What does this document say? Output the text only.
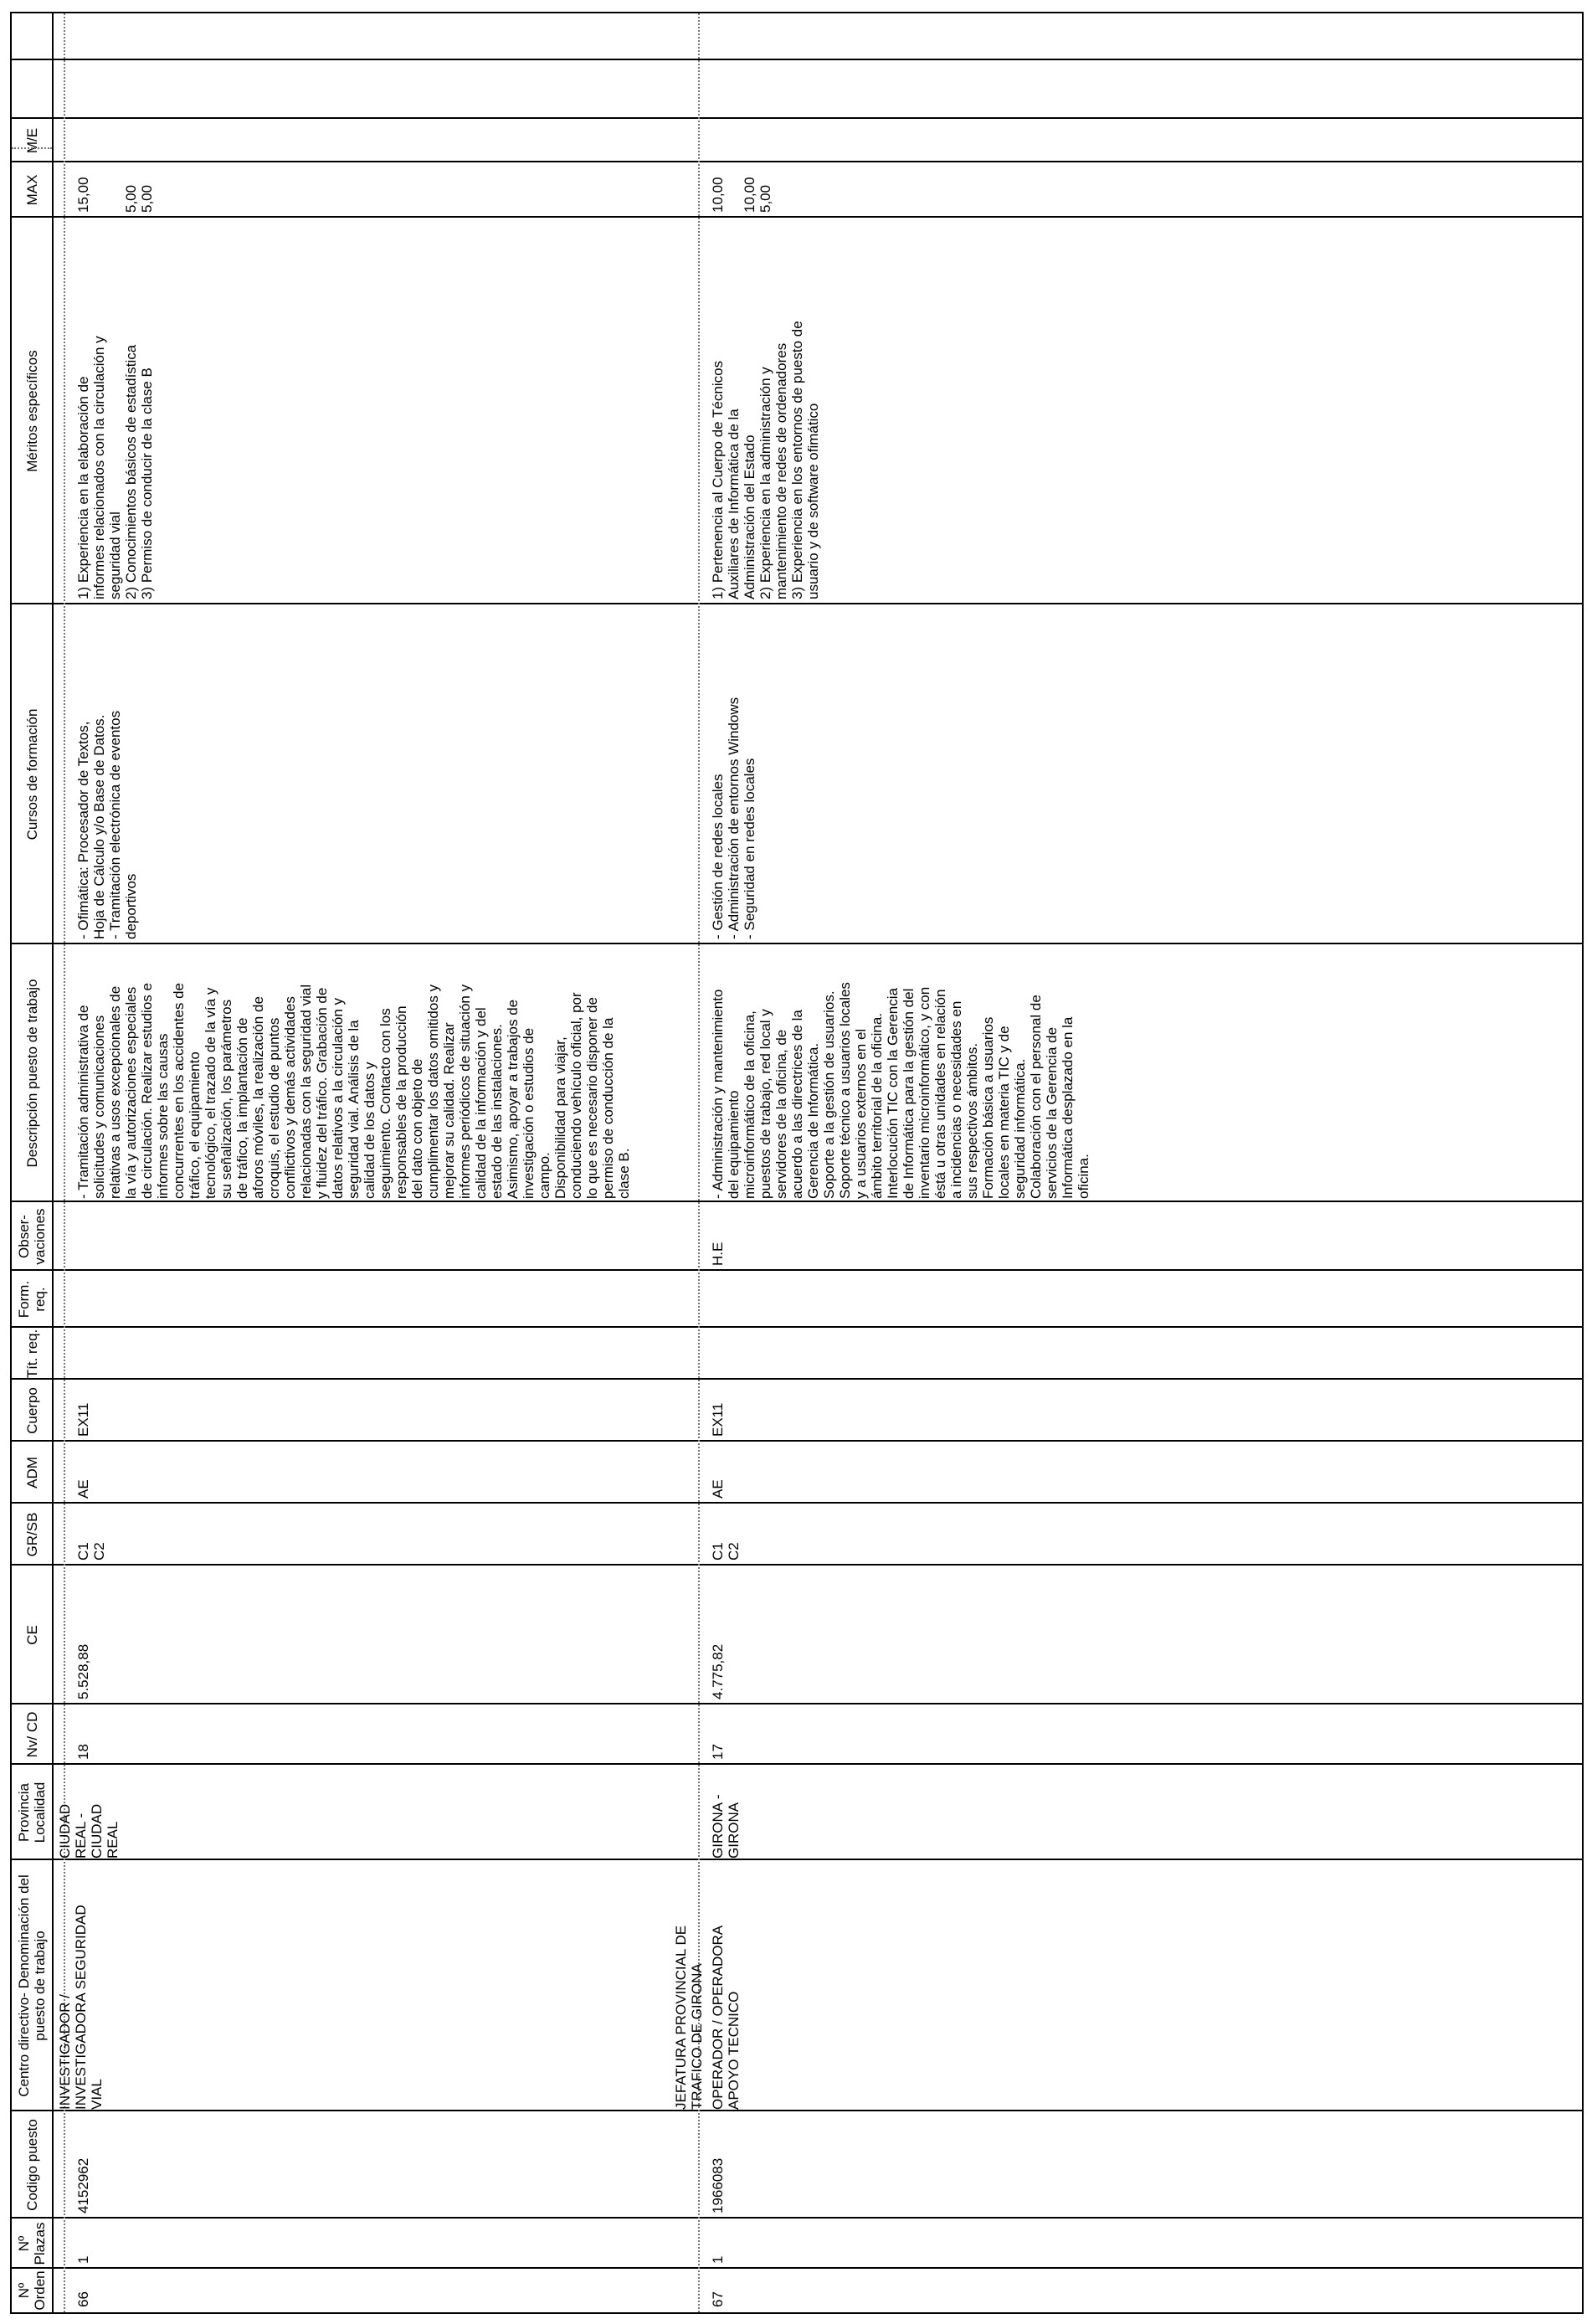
Nº Orden
Nº Plazas
Codigo puesto
Centro directivo- Denominación del puesto de trabajo
Provincia Localidad
Nv/ CD
CE
GR/SB
ADM
Cuerpo
Tít. req.
Form. req.
Obser- vaciones
Descripción puesto de trabajo
Cursos de formación
Méritos específicos
MAX
M/E
66
1
4152962
INVESTIGADOR /
INVESTIGADORA SEGURIDAD
VIAL
CIUDAD REAL -
CIUDAD
REAL
18
5.528,88
C1
C2
AE
EX11
- Tramitación administrativa de
solicitudes y comunicaciones
relativas a usos excepcionales de
la vía y autorizaciones especiales
de circulación. Realizar estudios e
informes sobre las causas
concurrentes en los accidentes de
tráfico, el equipamiento
tecnológico, el trazado de la vía y
su señalización, los parámetros
de tráfico, la implantación de
aforos móviles, la realización de
croquis, el estudio de puntos
conflictivos y demás actividades
relacionadas con la seguridad vial
y fluidez del tráfico. Grabación de
datos relativos a la circulación y
seguridad vial. Análisis de la
calidad de los datos y
seguimiento. Contacto con los
responsables de la producción
del dato con objeto de
cumplimentar los datos omitidos y
mejorar su calidad. Realizar
informes periódicos de situación y
calidad de la información y del
estado de las instalaciones.
Asimismo, apoyar a trabajos de
investigación o estudios de
campo.
Disponibilidad para viajar,
conduciendo vehículo oficial, por
lo que es necesario disponer de
permiso de conducción de la
clase B.
- Ofimática: Procesador de Textos,
Hoja de Cálculo y/o Base de Datos.
- Tramitación electrónica de eventos
deportivos
1) Experiencia en la elaboración de
informes relacionados con la circulación y
seguridad vial
2) Conocimientos básicos de estadística
3) Permiso de conducir de la clase B
15,00

5,00
5,00
67
1
1966083
JEFATURA PROVINCIAL DE
TRAFICO DE GIRONA
OPERADOR / OPERADORA
APOYO TECNICO
GIRONA -
GIRONA
17
4.775,82
C1
C2
AE
EX11
H.E
- Administración y mantenimiento
del equipamiento
microinformático de la oficina,
puestos de trabajo, red local y
servidores de la oficina, de
acuerdo a las directrices de la
Gerencia de Informática.
Soporte a la gestión de usuarios.
Soporte técnico a usuarios locales
y a usuarios externos en el
ámbito territorial de la oficina.
Interlocución TIC con la Gerencia
de Informática para la gestión del
inventario microinformático, y con
éstá u otras unidades en relación
a incidencias o necesidades en
sus respectivos ámbitos.
Formación básica a usuarios
locales en materia TIC y de
seguridad informática.
Colaboración con el personal de
servicios de la Gerencia de
Informática desplazado en la
oficina.
- Gestión de redes locales
- Administración de entornos Windows
- Seguridad en redes locales
1) Pertenencia al Cuerpo de Técnicos
Auxiliares de Informática de la
Administración del Estado
2) Experiencia en la administración y
mantenimiento de redes de ordenadores
3) Experiencia en los entornos de puesto de
usuario y de software ofimático
10,00

10,00
5,00
